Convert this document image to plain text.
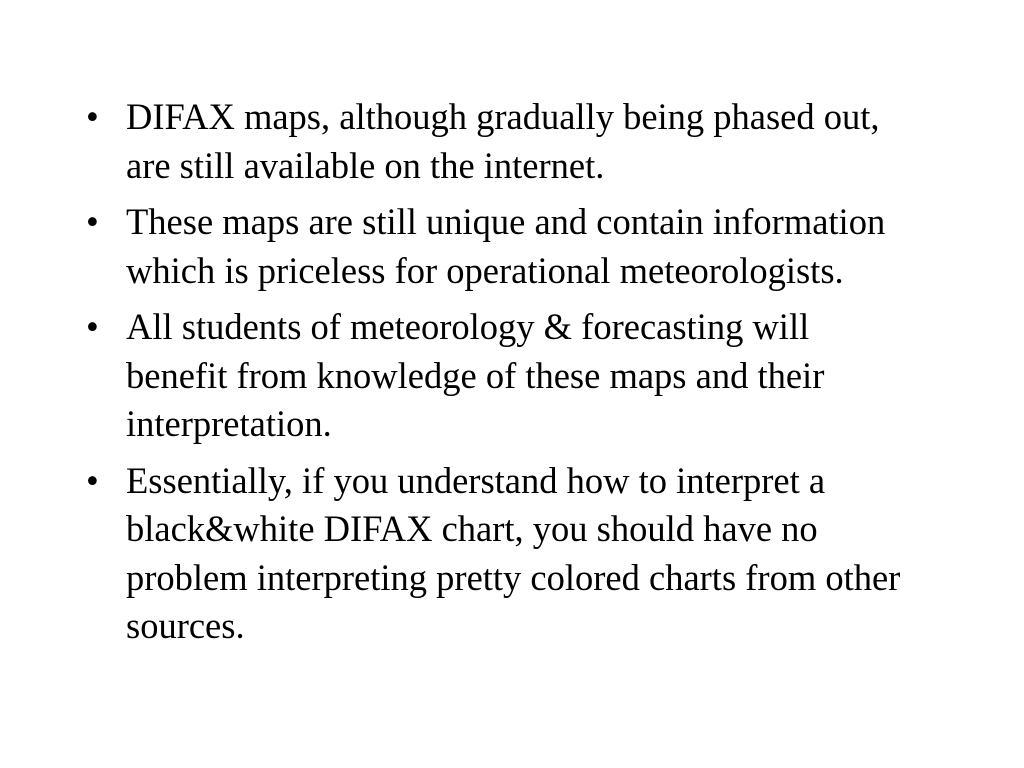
• DIFAX maps, although gradually being phased out, are still available on the internet.
• These maps are still unique and contain information which is priceless for operational meteorologists.
• All students of meteorology & forecasting will benefit from knowledge of these maps and their interpretation.
• Essentially, if you understand how to interpret a black&white DIFAX chart, you should have no problem interpreting pretty colored charts from other sources.
